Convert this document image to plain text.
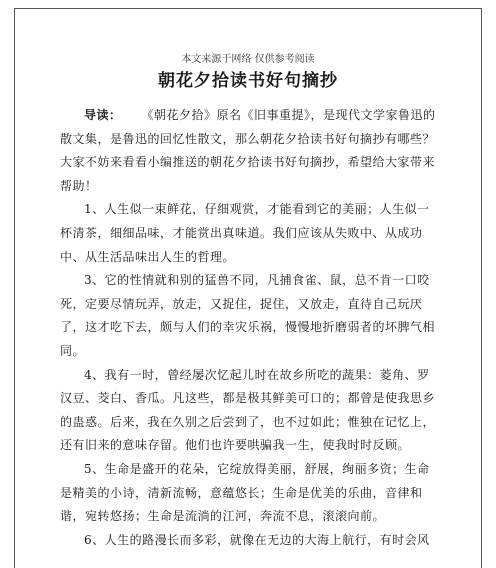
本文来源于网络 仅供参考阅读
朝花夕拾读书好句摘抄

导读： 《朝花夕拾》原名《旧事重提》，是现代文学家鲁迅的散文集，是鲁迅的回忆性散文，那么朝花夕拾读书好句摘抄有哪些？大家不妨来看看小编推送的朝花夕拾读书好句摘抄，希望给大家带来帮助！

1、人生似一束鲜花，仔细观赏，才能看到它的美丽；人生似一杯清茶，细细品味，才能赏出真味道。我们应该从失败中、从成功中、从生活品味出人生的哲理。

3、它的性情就和别的猛兽不同，凡捕食雀、鼠，总不肯一口咬死，定要尽情玩弄，放走，又捉住，捉住，又放走，直待自己玩厌了，这才吃下去，颇与人们的幸灾乐祸，慢慢地折磨弱者的坏脾气相同。

4、我有一时，曾经屡次忆起儿时在故乡所吃的蔬果：菱角、罗汉豆、茭白、香瓜。凡这些，都是极其鲜美可口的；都曾是使我思乡的蛊惑。后来，我在久别之后尝到了，也不过如此；惟独在记忆上，还有旧来的意味存留。他们也许要哄骗我一生，使我时时反顾。

5、生命是盛开的花朵，它绽放得美丽，舒展，绚丽多资；生命是精美的小诗，清新流畅，意蕴悠长；生命是优美的乐曲，音律和谐，宛转悠扬；生命是流淌的江河，奔流不息，滚滚向前。

6、人生的路漫长而多彩，就像在无边的大海上航行，有时会风
